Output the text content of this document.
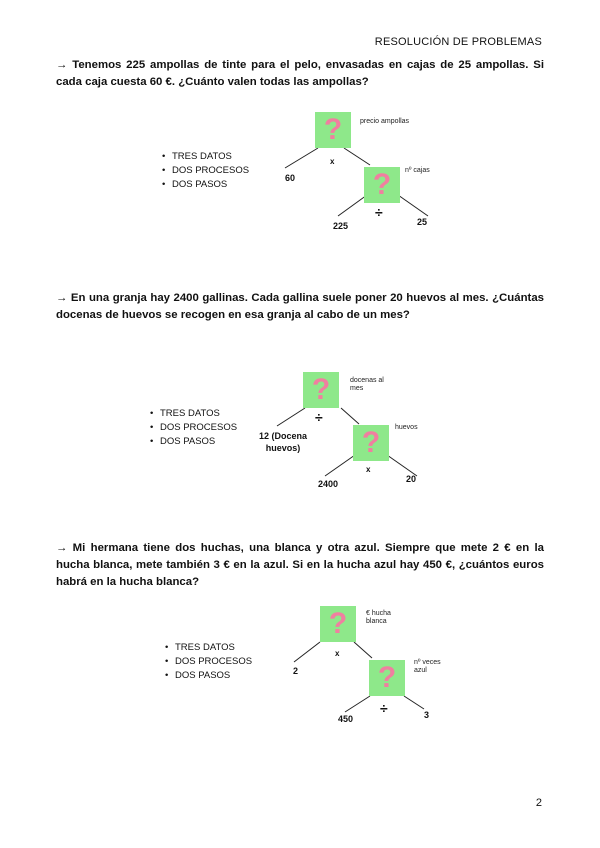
RESOLUCIÓN DE PROBLEMAS
→ Tenemos 225 ampollas de tinte para el pelo, envasadas en cajas de 25 ampollas. Si cada caja cuesta 60 €. ¿Cuánto valen todas las ampollas?
• TRES DATOS
• DOS PROCESOS
• DOS PASOS
?	precio ampollas
x
60	?	nº cajas
÷
225	25
→ En una granja hay 2400 gallinas. Cada gallina suele poner 20 huevos al mes. ¿Cuántas docenas de huevos se recogen en esa granja al cabo de un mes?
• TRES DATOS
• DOS PROCESOS
• DOS PASOS
?	docenas al mes
÷
12 (Docena huevos)	?	huevos
x
2400	20
→ Mi hermana tiene dos huchas, una blanca y otra azul. Siempre que mete 2 € en la hucha blanca, mete también 3 € en la azul. Si en la hucha azul hay 450 €, ¿cuántos euros habrá en la hucha blanca?
• TRES DATOS
• DOS PROCESOS
• DOS PASOS
?	€ hucha blanca
x
2	?	nº veces azul
÷
450	3
2
